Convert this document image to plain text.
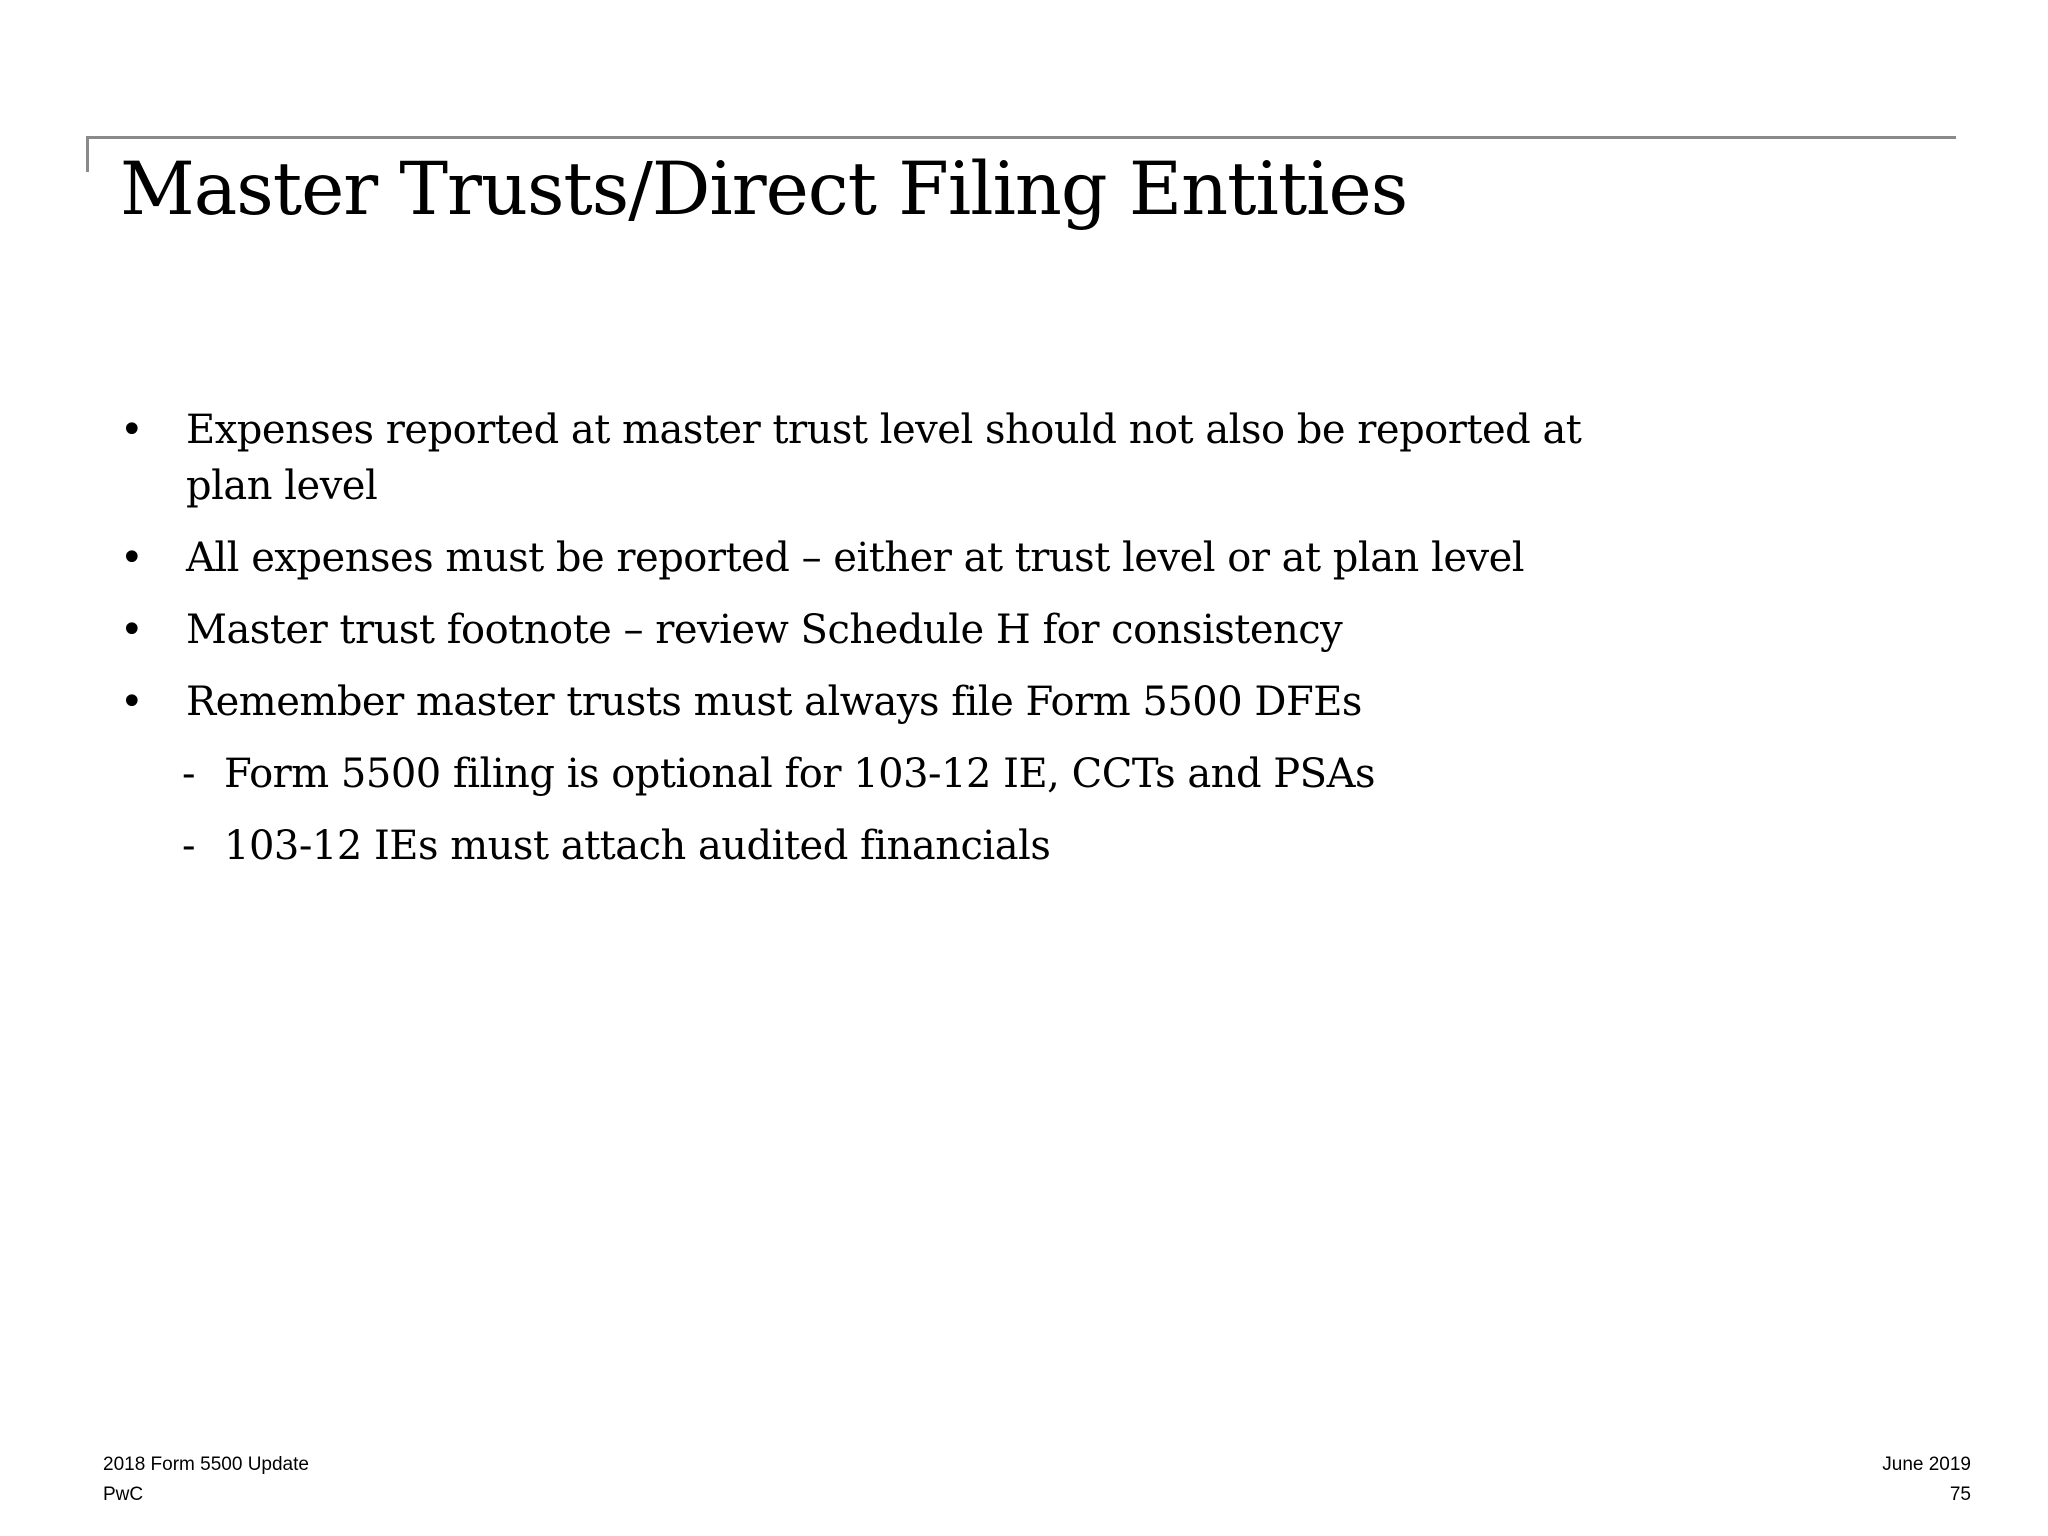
Master Trusts/Direct Filing Entities
• Expenses reported at master trust level should not also be reported at plan level
• All expenses must be reported – either at trust level or at plan level
• Master trust footnote – review Schedule H for consistency
• Remember master trusts must always file Form 5500 DFEs
- Form 5500 filing is optional for 103-12 IE, CCTs and PSAs
- 103-12 IEs must attach audited financials
2018 Form 5500 Update
PwC
June 2019
75
